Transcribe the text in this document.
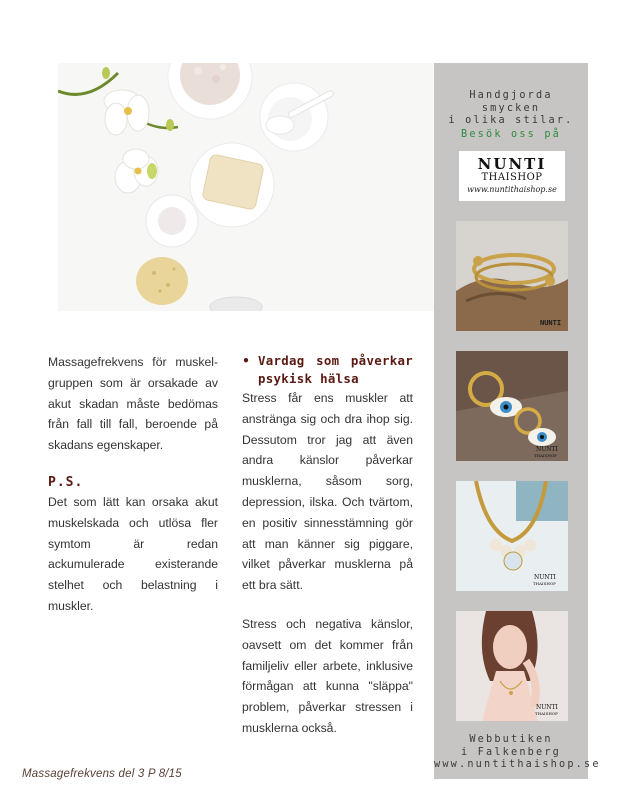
Massagefrekvens för muskelgruppen som är orsakade av akut skadan måste bedömas från fall till fall, beroende på skadans egenskaper.

P.S.

Det som lätt kan orsaka akut muskelskada och utlösa fler symtom är redan ackumulerade existerande stelhet och belastning i muskler.

• Vardag som påverkar psykisk hälsa

Stress får ens muskler att anstränga sig och dra ihop sig. Dessutom tror jag att även andra känslor påverkar musklerna, såsom sorg, depression, ilska. Och tvärtom, en positiv sinnesstämning gör att man känner sig piggare, vilket påverkar musklerna på ett bra sätt.

Stress och negativa känslor, oavsett om det kommer från familjeliv eller arbete, inklusive förmågan att kunna "släppa" problem, påverkar stressen i musklerna också.

Handgjorda
smycken
i olika stilar.
Besök oss på
NUNTI
THAISHOP
www.nuntithaishop.se
NUNTI
NUNTI
THAISHOP
NUNTI
THAISHOP
NUNTI
THAISHOP
Webbutiken
i Falkenberg
www.nuntithaishop.se
Massagefrekvens del 3 P 8/15
